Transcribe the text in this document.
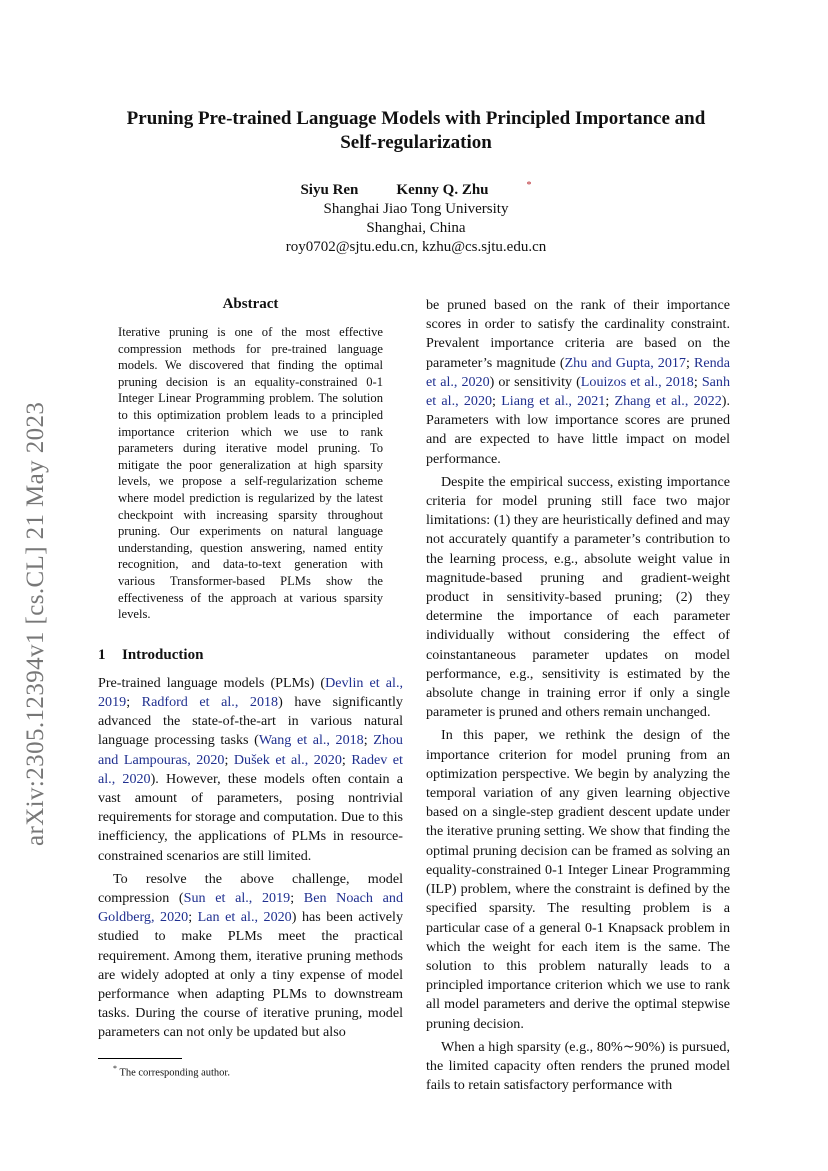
arXiv:2305.12394v1 [cs.CL] 21 May 2023
Pruning Pre-trained Language Models with Principled Importance and
Self-regularization
Siyu Ren	Kenny Q. Zhu	*
Shanghai Jiao Tong University
Shanghai, China
roy0702@sjtu.edu.cn, kzhu@cs.sjtu.edu.cn
Abstract
Iterative pruning is one of the most effective compression methods for pre-trained language models. We discovered that finding the optimal pruning decision is an equality-constrained 0-1 Integer Linear Programming problem. The solution to this optimization problem leads to a principled importance criterion which we use to rank parameters during iterative model pruning. To mitigate the poor generalization at high sparsity levels, we propose a self-regularization scheme where model prediction is regularized by the latest checkpoint with increasing sparsity throughout pruning. Our experiments on natural language understanding, question answering, named entity recognition, and data-to-text generation with various Transformer-based PLMs show the effectiveness of the approach at various sparsity levels.
1 Introduction

Pre-trained language models (PLMs) (Devlin et al., 2019; Radford et al., 2018) have significantly advanced the state-of-the-art in various natural language processing tasks (Wang et al., 2018; Zhou and Lampouras, 2020; Dušek et al., 2020; Radev et al., 2020). However, these models often contain a vast amount of parameters, posing nontrivial requirements for storage and computation. Due to this inefficiency, the applications of PLMs in resource-constrained scenarios are still limited.

To resolve the above challenge, model compression (Sun et al., 2019; Ben Noach and Goldberg, 2020; Lan et al., 2020) has been actively studied to make PLMs meet the practical requirement. Among them, iterative pruning methods are widely adopted at only a tiny expense of model performance when adapting PLMs to downstream tasks. During the course of iterative pruning, model parameters can not only be updated but also

be pruned based on the rank of their importance scores in order to satisfy the cardinality constraint. Prevalent importance criteria are based on the parameter’s magnitude (Zhu and Gupta, 2017; Renda et al., 2020) or sensitivity (Louizos et al., 2018; Sanh et al., 2020; Liang et al., 2021; Zhang et al., 2022). Parameters with low importance scores are pruned and are expected to have little impact on model performance.

Despite the empirical success, existing importance criteria for model pruning still face two major limitations: (1) they are heuristically defined and may not accurately quantify a parameter’s contribution to the learning process, e.g., absolute weight value in magnitude-based pruning and gradient-weight product in sensitivity-based pruning; (2) they determine the importance of each parameter individually without considering the effect of coinstantaneous parameter updates on model performance, e.g., sensitivity is estimated by the absolute change in training error if only a single parameter is pruned and others remain unchanged.

In this paper, we rethink the design of the importance criterion for model pruning from an optimization perspective. We begin by analyzing the temporal variation of any given learning objective based on a single-step gradient descent update under the iterative pruning setting. We show that finding the optimal pruning decision can be framed as solving an equality-constrained 0-1 Integer Linear Programming (ILP) problem, where the constraint is defined by the specified sparsity. The resulting problem is a particular case of a general 0-1 Knapsack problem in which the weight for each item is the same. The solution to this problem naturally leads to a principled importance criterion which we use to rank all model parameters and derive the optimal stepwise pruning decision.

When a high sparsity (e.g., 80%∼90%) is pursued, the limited capacity often renders the pruned model fails to retain satisfactory performance with

* The corresponding author.
